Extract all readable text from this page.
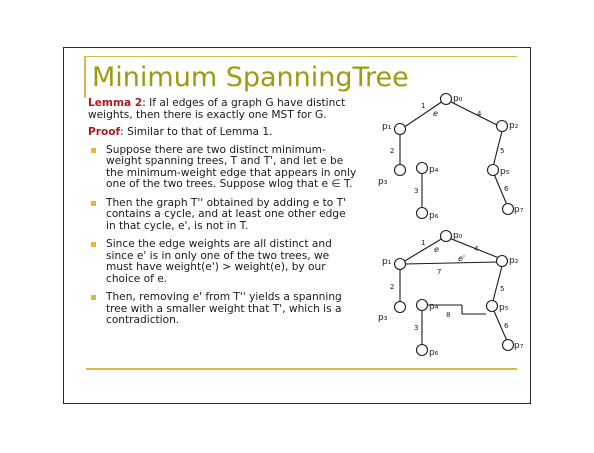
Minimum SpanningTree

Lemma 2: If al edges of a graph G have distinct weights, then there is exactly one MST for G.

Proof: Similar to that of Lemma 1.

Suppose there are two distinct minimum-weight spanning trees, T and T', and let e be the minimum-weight edge that appears in only one of the two trees. Suppose wlog that e ∈ T.
Then the graph T'' obtained by adding e to T' contains a cycle, and at least one other edge in that cycle, e', is not in T.
Since the edge weights are all distinct and since e' is in only one of the two trees, we must have weight(e') > weight(e), by our choice of e.
Then, removing e' from T'' yields a spanning tree with a smaller weight that T', which is a contradiction.
p₀
p₁	p₂
p₃
p₄	p₅
p₆
p₇
1
4
2
3
5
6
e
p₀
p₁	p₂
p₃
p₄	p₅
p₆
p₇
1
4
7
2
3
8
5
6
e
e'
